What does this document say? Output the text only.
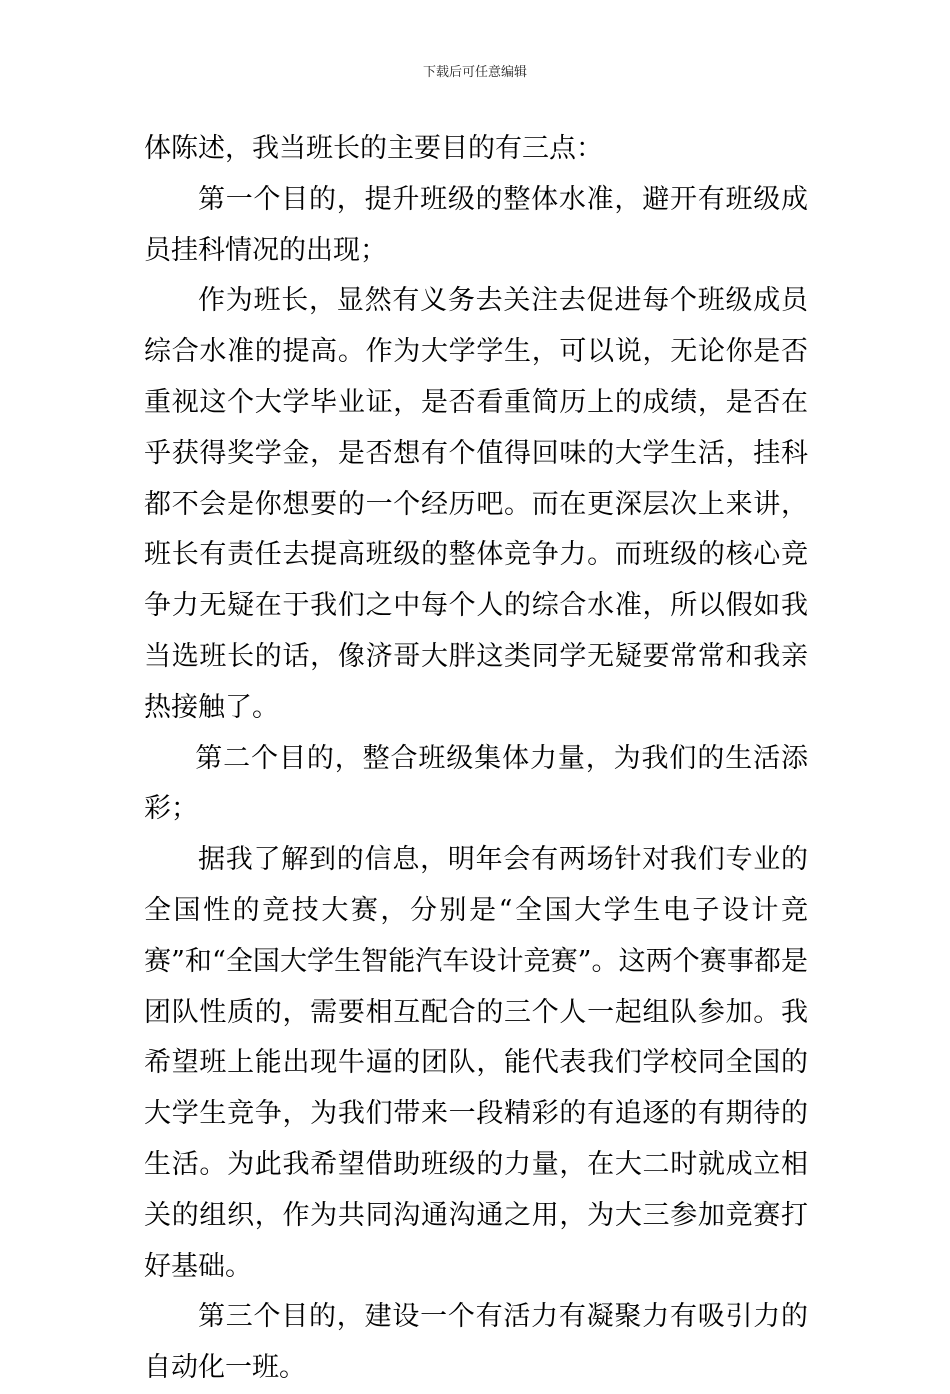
下载后可任意编辑

体陈述，我当班长的主要目的有三点：

第一个目的，提升班级的整体水准，避开有班级成员挂科情况的出现；

作为班长，显然有义务去关注去促进每个班级成员综合水准的提高。作为大学学生，可以说，无论你是否重视这个大学毕业证，是否看重简历上的成绩，是否在乎获得奖学金，是否想有个值得回味的大学生活，挂科都不会是你想要的一个经历吧。而在更深层次上来讲，班长有责任去提高班级的整体竞争力。而班级的核心竞争力无疑在于我们之中每个人的综合水准，所以假如我当选班长的话，像济哥大胖这类同学无疑要常常和我亲热接触了。

第二个目的，整合班级集体力量，为我们的生活添彩；

据我了解到的信息，明年会有两场针对我们专业的全国性的竞技大赛，分别是“全国大学生电子设计竞赛”和“全国大学生智能汽车设计竞赛”。这两个赛事都是团队性质的，需要相互配合的三个人一起组队参加。我希望班上能出现牛逼的团队，能代表我们学校同全国的大学生竞争，为我们带来一段精彩的有追逐的有期待的生活。为此我希望借助班级的力量，在大二时就成立相关的组织，作为共同沟通沟通之用，为大三参加竞赛打好基础。

第三个目的，建设一个有活力有凝聚力有吸引力的自动化一班。
